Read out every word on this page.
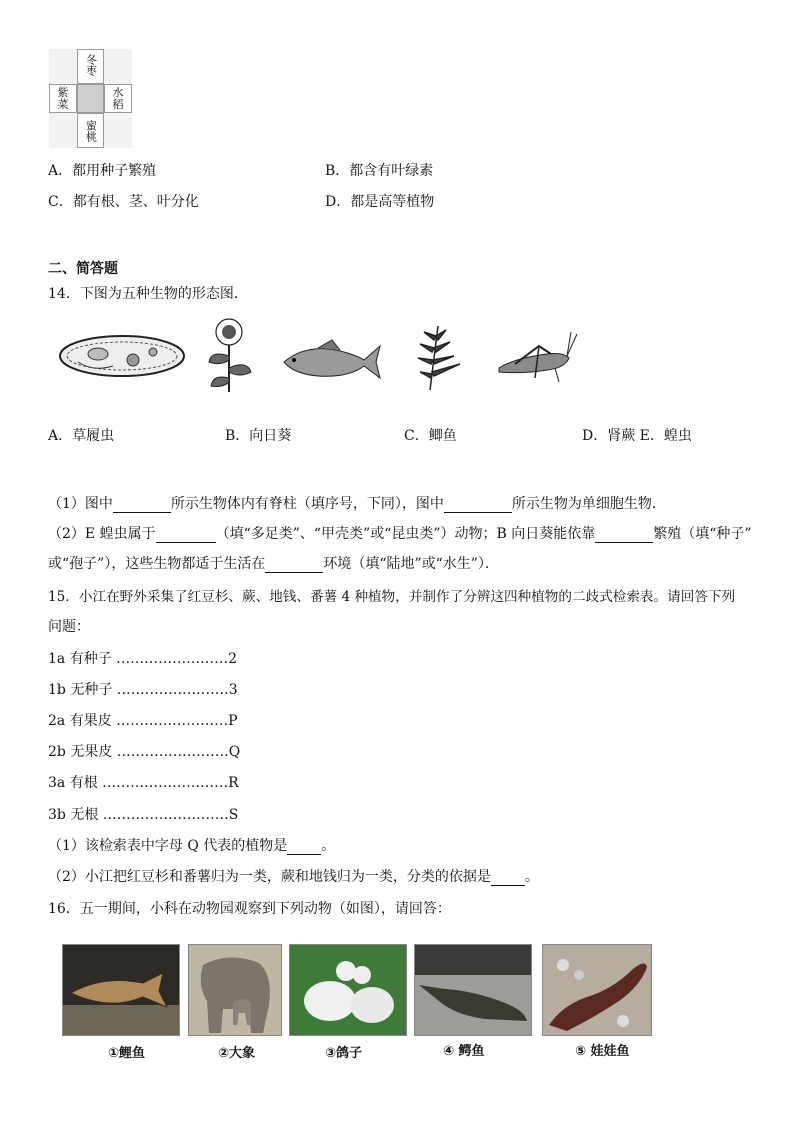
冬枣
紫菜
水稻
蜜桃
A．都用种子繁殖	B．都含有叶绿素
C．都有根、茎、叶分化	D．都是高等植物
二、简答题
14．下图为五种生物的形态图．
A．草履虫	B．向日葵	C．鲫鱼	D．肾蕨 E．蝗虫
（1）图中	所示生物体内有脊柱（填序号，下同），图中	所示生物为单细胞生物．
（2）E 蝗虫属于	（填“多足类”、“甲壳类”或“昆虫类”）动物；B 向日葵能依靠	繁殖（填“种子”
或“孢子”），这些生物都适于生活在	环境（填“陆地”或“水生”）．
15．小江在野外采集了红豆杉、蕨、地钱、番薯 4 种植物，并制作了分辨这四种植物的二歧式检索表。请回答下列
问题：
1a 有种子 ……………………2
1b 无种子 ……………………3
2a 有果皮 ……………………P
2b 无果皮 ……………………Q
3a 有根 ………………………R
3b 无根 ………………………S
（1）该检索表中字母 Q 代表的植物是 。
（2）小江把红豆杉和番薯归为一类，蕨和地钱归为一类，分类的依据是 。
16．五一期间，小科在动物园观察到下列动物（如图），请回答：
①鲤鱼	②大象	③鸽子	④ 鳄鱼	⑤ 娃娃鱼
